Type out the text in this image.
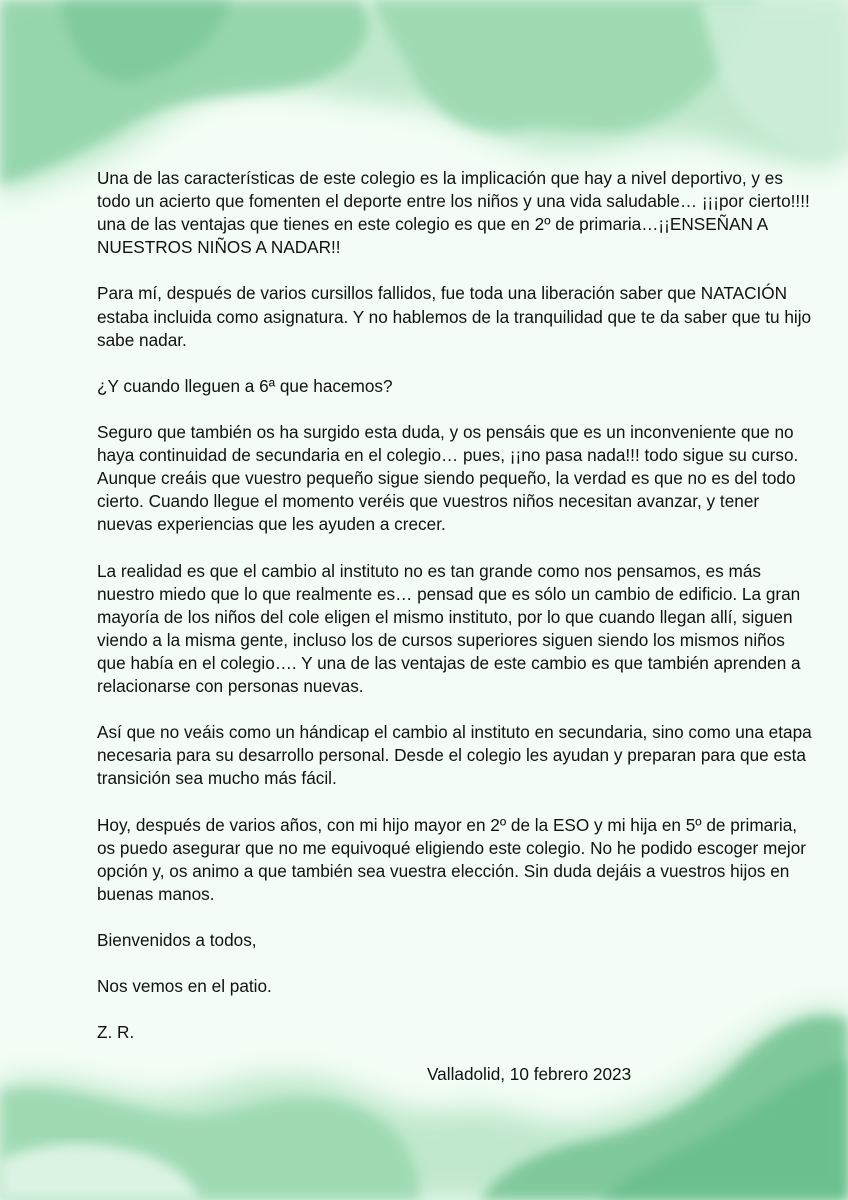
Una de las características de este colegio es la implicación que hay a nivel deportivo, y es todo un acierto que fomenten el deporte entre los niños y una vida saludable… ¡¡¡por cierto!!!! una de las ventajas que tienes en este colegio es que en 2º de primaria…¡¡ENSEÑAN A NUESTROS NIÑOS A NADAR!!

Para mí, después de varios cursillos fallidos, fue toda una liberación saber que NATACIÓN estaba incluida como asignatura. Y no hablemos de la tranquilidad que te da saber que tu hijo sabe nadar.

¿Y cuando lleguen a 6ª que hacemos?

Seguro que también os ha surgido esta duda, y os pensáis que es un inconveniente que no haya continuidad de secundaria en el colegio… pues, ¡¡no pasa nada!!! todo sigue su curso. Aunque creáis que vuestro pequeño sigue siendo pequeño, la verdad es que no es del todo cierto. Cuando llegue el momento veréis que vuestros niños necesitan avanzar, y tener nuevas experiencias que les ayuden a crecer.

La realidad es que el cambio al instituto no es tan grande como nos pensamos, es más nuestro miedo que lo que realmente es… pensad que es sólo un cambio de edificio. La gran mayoría de los niños del cole eligen el mismo instituto, por lo que cuando llegan allí, siguen viendo a la misma gente, incluso los de cursos superiores siguen siendo los mismos niños que había en el colegio…. Y una de las ventajas de este cambio es que también aprenden a relacionarse con personas nuevas.

Así que no veáis como un hándicap el cambio al instituto en secundaria, sino como una etapa necesaria para su desarrollo personal. Desde el colegio les ayudan y preparan para que esta transición sea mucho más fácil.

Hoy, después de varios años, con mi hijo mayor en 2º de la ESO y mi hija en 5º de primaria, os puedo asegurar que no me equivoqué eligiendo este colegio. No he podido escoger mejor opción y, os animo a que también sea vuestra elección. Sin duda dejáis a vuestros hijos en buenas manos.

Bienvenidos a todos,

Nos vemos en el patio.

Z. R.

Valladolid, 10 febrero 2023
